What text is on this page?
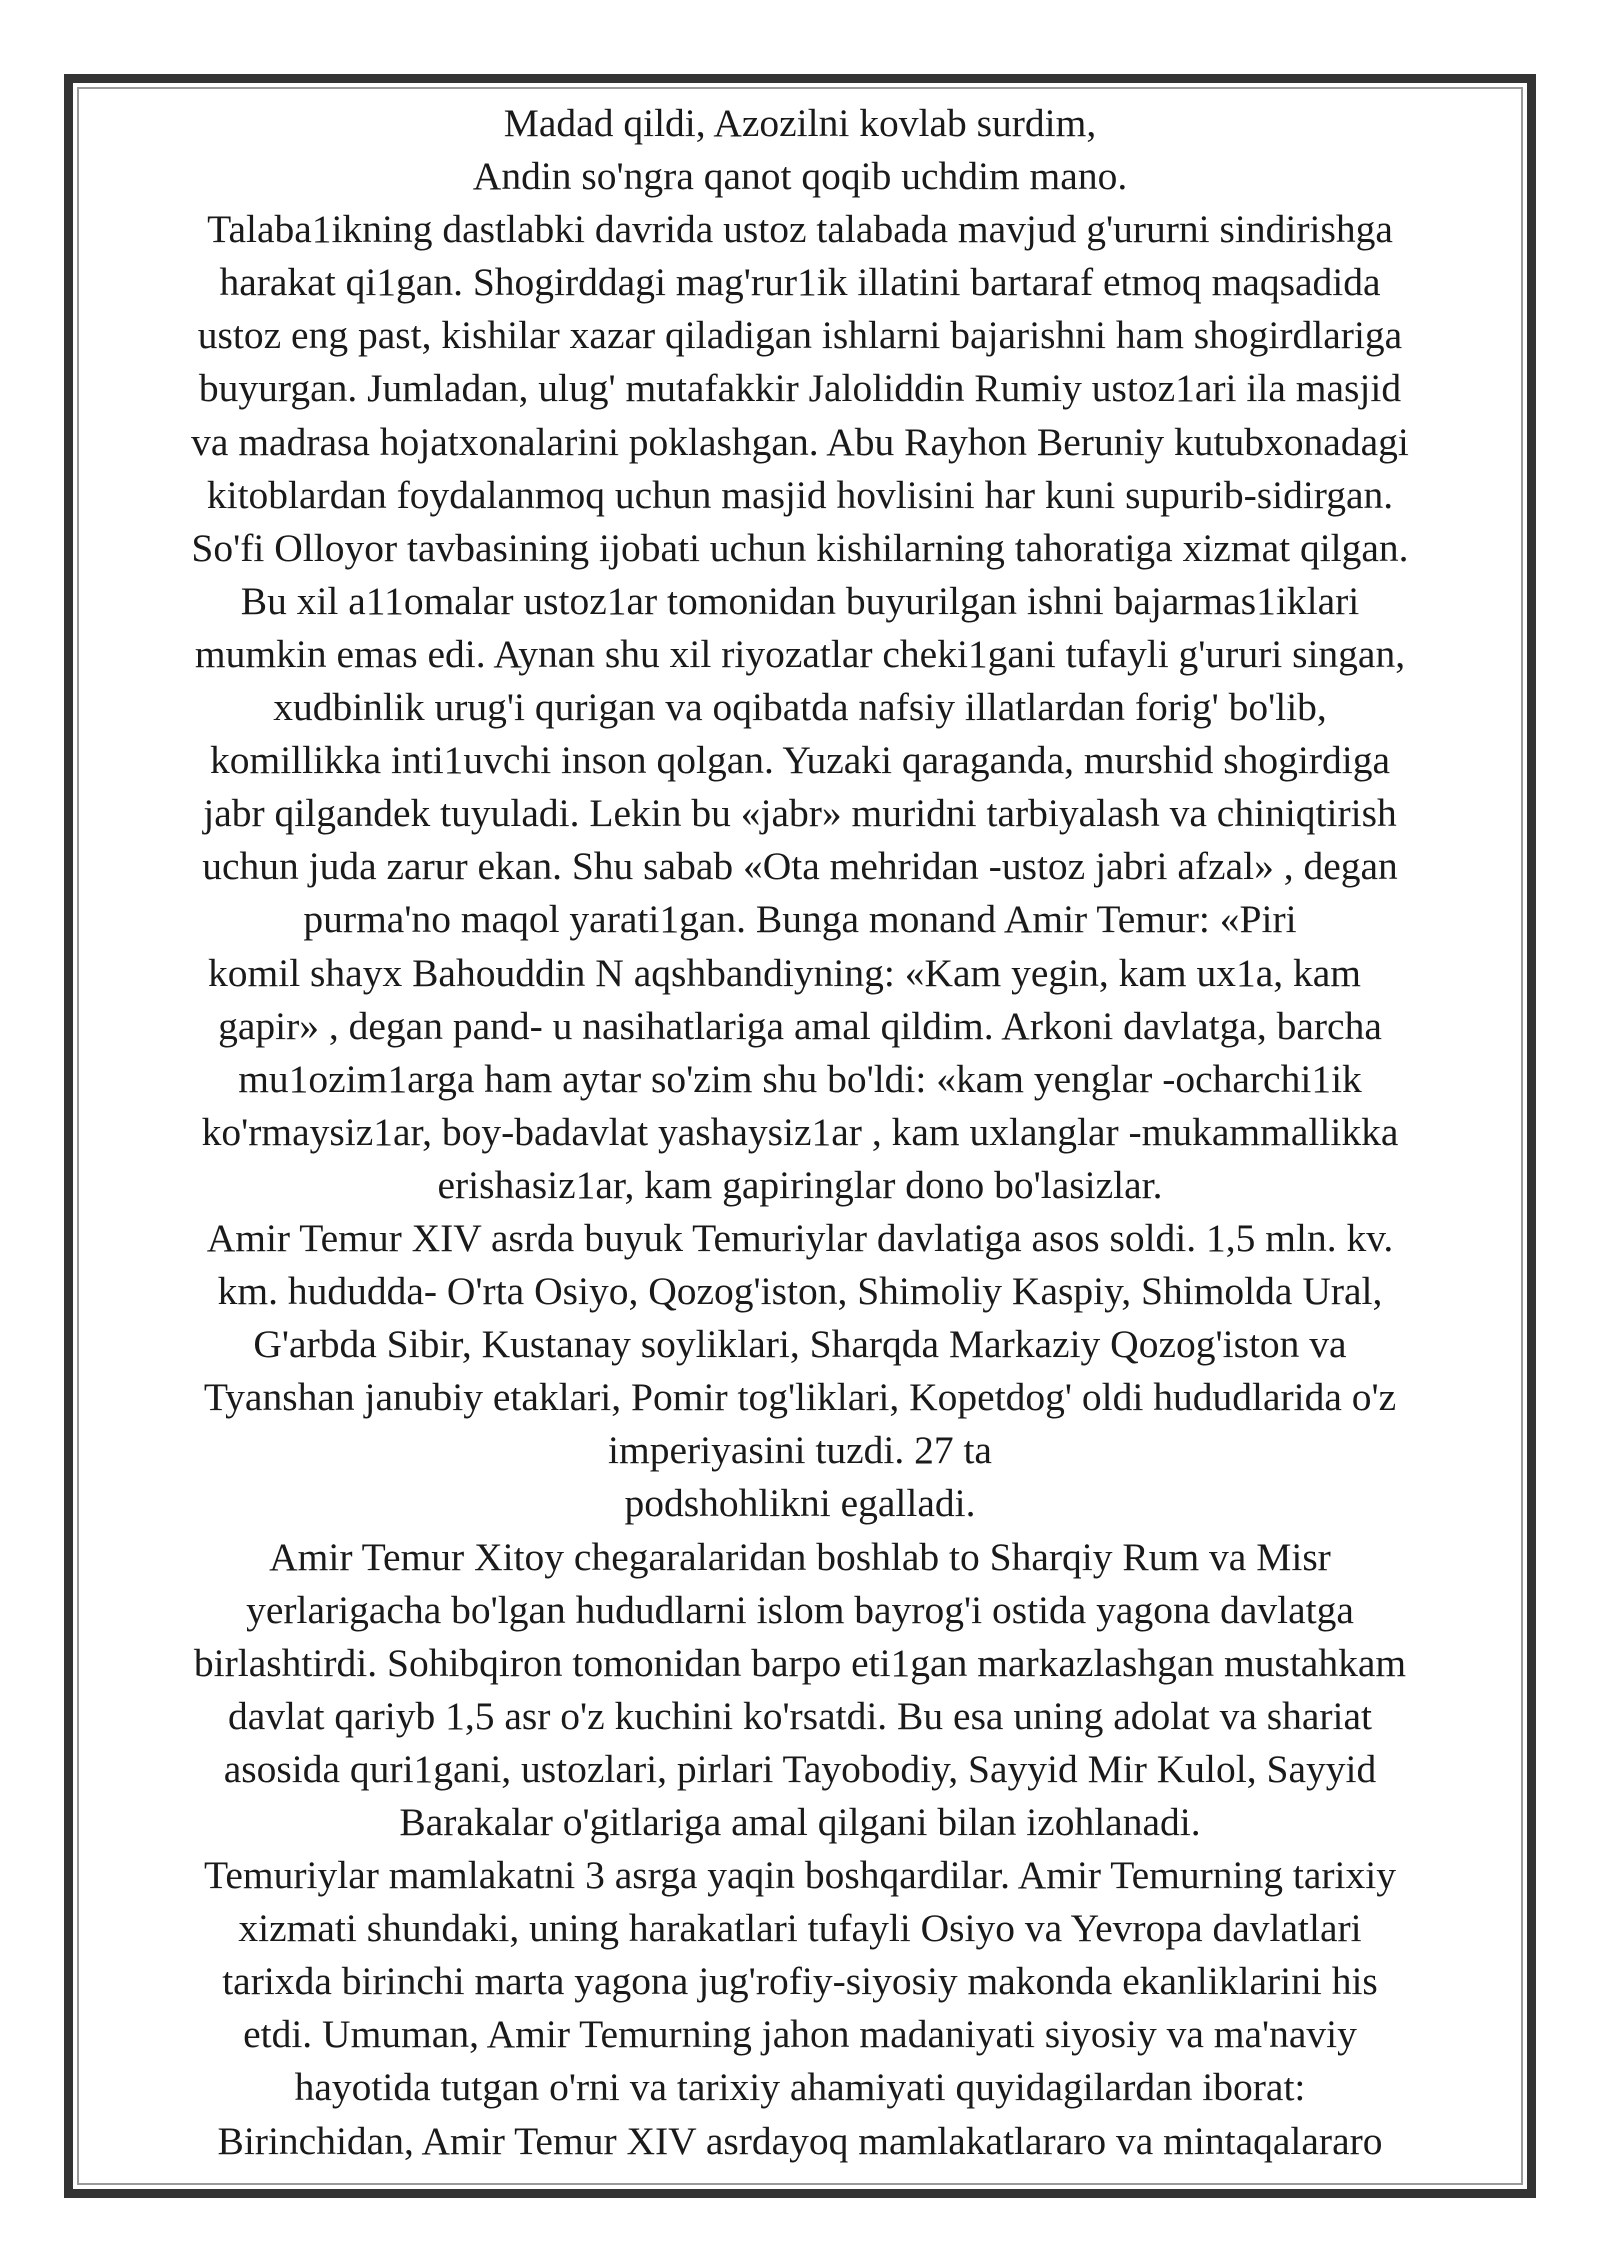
Madad qildi, Azozilni kovlab surdim,
Andin so'ngra qanot qoqib uchdim mano.
Talaba1ikning dastlabki davrida ustoz talabada mavjud g'ururni sindirishga
harakat qi1gan. Shogirddagi mag'rur1ik illatini bartaraf etmoq maqsadida
ustoz eng past, kishilar xazar qiladigan ishlarni bajarishni ham shogirdlariga
buyurgan. Jumladan, ulug' mutafakkir Jaloliddin Rumiy ustoz1ari ila masjid
va madrasa hojatxonalarini poklashgan. Abu Rayhon Beruniy kutubxonadagi
kitoblardan foydalanmoq uchun masjid hovlisini har kuni supurib-sidirgan.
So'fi Olloyor tavbasining ijobati uchun kishilarning tahoratiga xizmat qilgan.
Bu xil a11omalar ustoz1ar tomonidan buyurilgan ishni bajarmas1iklari
mumkin emas edi. Aynan shu xil riyozatlar cheki1gani tufayli g'ururi singan,
xudbinlik urug'i qurigan va oqibatda nafsiy illatlardan forig' bo'lib,
komillikka inti1uvchi inson qolgan. Yuzaki qaraganda, murshid shogirdiga
jabr qilgandek tuyuladi. Lekin bu «jabr» muridni tarbiyalash va chiniqtirish
uchun juda zarur ekan. Shu sabab «Ota mehridan -ustoz jabri afzal» , degan
purma'no maqol yarati1gan. Bunga monand Amir Temur: «Piri
komil shayx Bahouddin N aqshbandiyning: «Kam yegin, kam ux1a, kam
gapir» , degan pand- u nasihatlariga amal qildim. Arkoni davlatga, barcha
mu1ozim1arga ham aytar so'zim shu bo'ldi: «kam yenglar -ocharchi1ik
ko'rmaysiz1ar, boy-badavlat yashaysiz1ar , kam uxlanglar -mukammallikka
erishasiz1ar, kam gapiringlar dono bo'lasizlar.
Amir Temur XIV asrda buyuk Temuriylar davlatiga asos soldi. 1,5 mln. kv.
km. hududda- O'rta Osiyo, Qozog'iston, Shimoliy Kaspiy, Shimolda Ural,
G'arbda Sibir, Kustanay soyliklari, Sharqda Markaziy Qozog'iston va
Tyanshan janubiy etaklari, Pomir tog'liklari, Kopetdog' oldi hududlarida o'z
imperiyasini tuzdi. 27 ta
podshohlikni egalladi.
Amir Temur Xitoy chegaralaridan boshlab to Sharqiy Rum va Misr
yerlarigacha bo'lgan hududlarni islom bayrog'i ostida yagona davlatga
birlashtirdi. Sohibqiron tomonidan barpo eti1gan markazlashgan mustahkam
davlat qariyb 1,5 asr o'z kuchini ko'rsatdi. Bu esa uning adolat va shariat
asosida quri1gani, ustozlari, pirlari Tayobodiy, Sayyid Mir Kulol, Sayyid
Barakalar o'gitlariga amal qilgani bilan izohlanadi.
Temuriylar mamlakatni 3 asrga yaqin boshqardilar. Amir Temurning tarixiy
xizmati shundaki, uning harakatlari tufayli Osiyo va Yevropa davlatlari
tarixda birinchi marta yagona jug'rofiy-siyosiy makonda ekanliklarini his
etdi. Umuman, Amir Temurning jahon madaniyati siyosiy va ma'naviy
hayotida tutgan o'rni va tarixiy ahamiyati quyidagilardan iborat:
Birinchidan, Amir Temur XIV asrdayoq mamlakatlararo va mintaqalararo
